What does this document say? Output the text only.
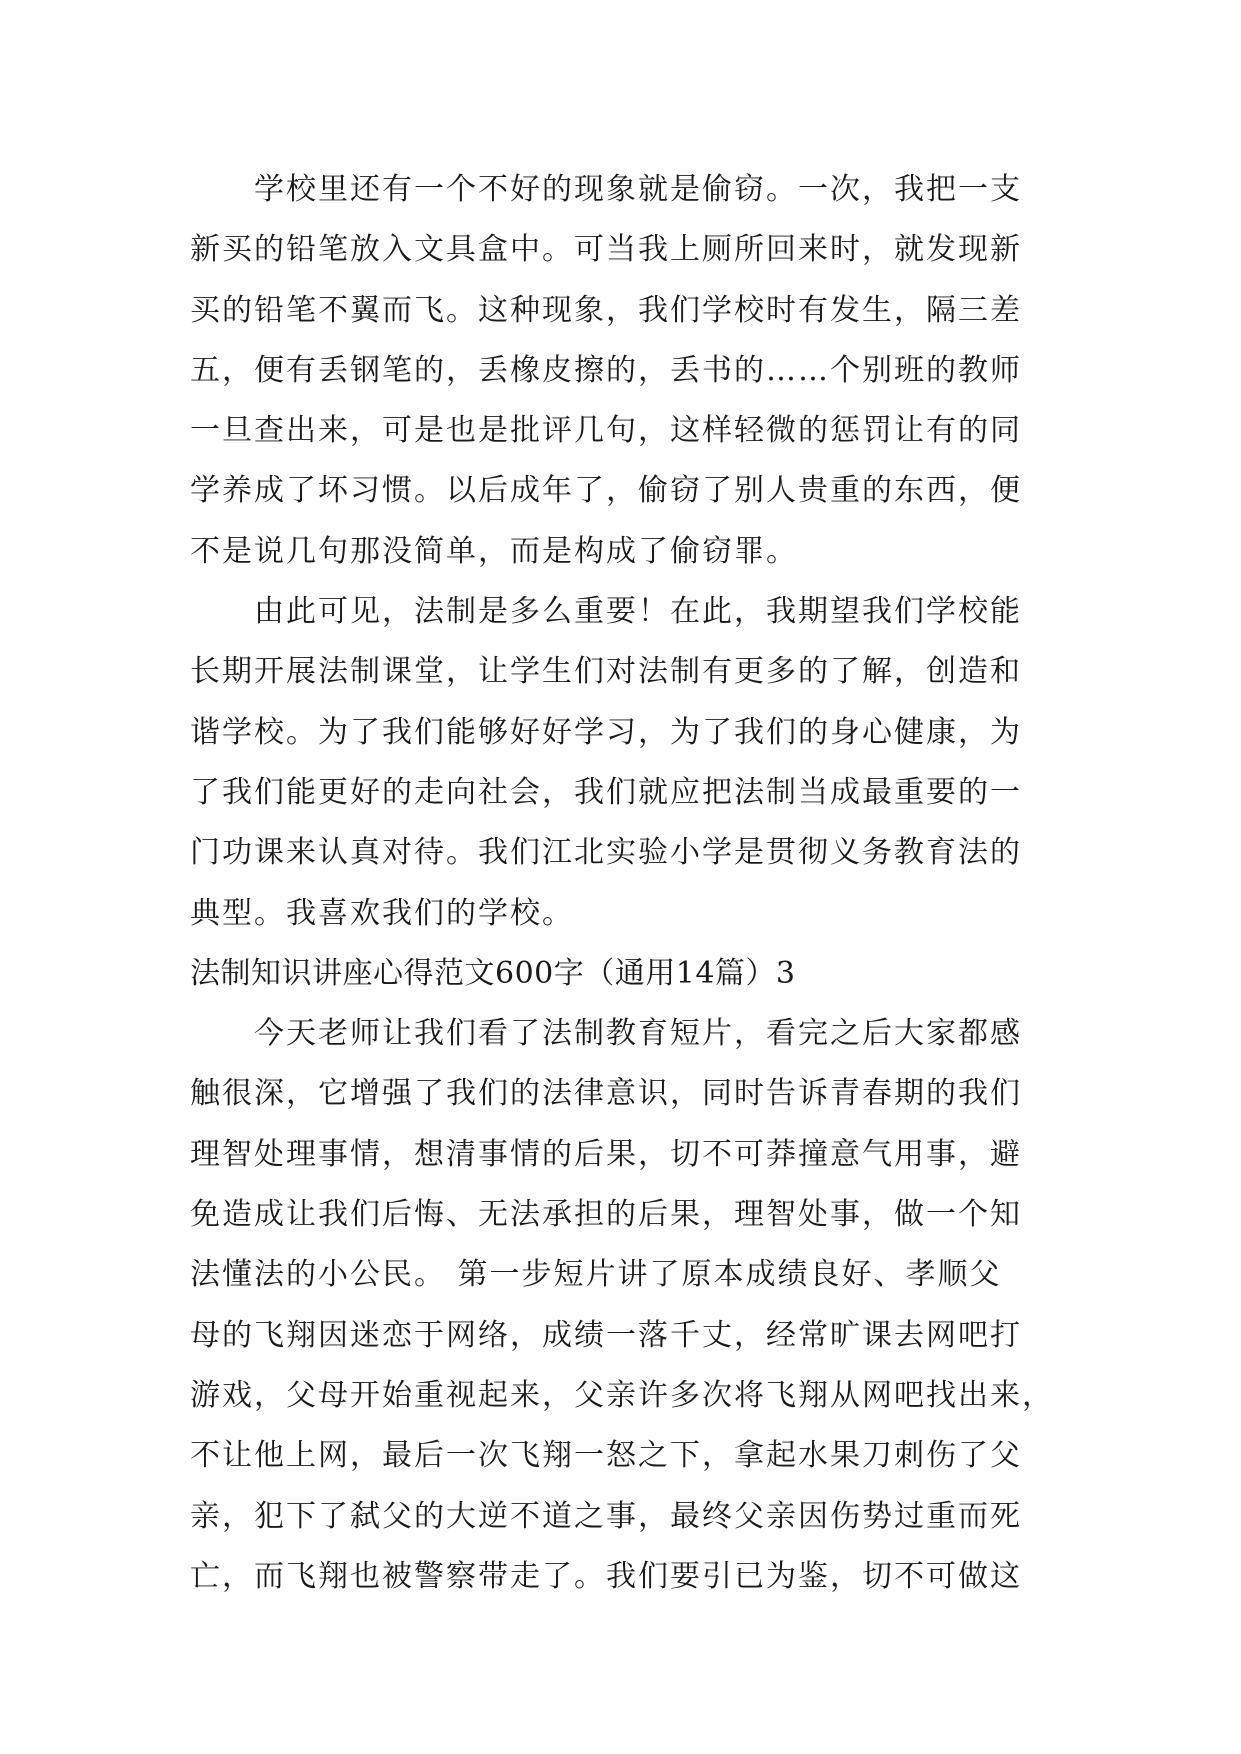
学校里还有一个不好的现象就是偷窃。一次，我把一支
新买的铅笔放入文具盒中。可当我上厕所回来时，就发现新
买的铅笔不翼而飞。这种现象，我们学校时有发生，隔三差
五，便有丢钢笔的，丢橡皮擦的，丢书的……个别班的教师
一旦查出来，可是也是批评几句，这样轻微的惩罚让有的同
学养成了坏习惯。以后成年了，偷窃了别人贵重的东西，便
不是说几句那没简单，而是构成了偷窃罪。
由此可见，法制是多么重要！在此，我期望我们学校能
长期开展法制课堂，让学生们对法制有更多的了解，创造和
谐学校。为了我们能够好好学习，为了我们的身心健康，为
了我们能更好的走向社会，我们就应把法制当成最重要的一
门功课来认真对待。我们江北实验小学是贯彻义务教育法的
典型。我喜欢我们的学校。
法制知识讲座心得范文600字（通用14篇）3
今天老师让我们看了法制教育短片，看完之后大家都感
触很深，它增强了我们的法律意识，同时告诉青春期的我们
理智处理事情，想清事情的后果，切不可莽撞意气用事，避
免造成让我们后悔、无法承担的后果，理智处事，做一个知
法懂法的小公民。 第一步短片讲了原本成绩良好、孝顺父
母的飞翔因迷恋于网络，成绩一落千丈，经常旷课去网吧打
游戏，父母开始重视起来，父亲许多次将飞翔从网吧找出来，
不让他上网，最后一次飞翔一怒之下，拿起水果刀刺伤了父
亲，犯下了弑父的大逆不道之事，最终父亲因伤势过重而死
亡，而飞翔也被警察带走了。我们要引已为鉴，切不可做这
